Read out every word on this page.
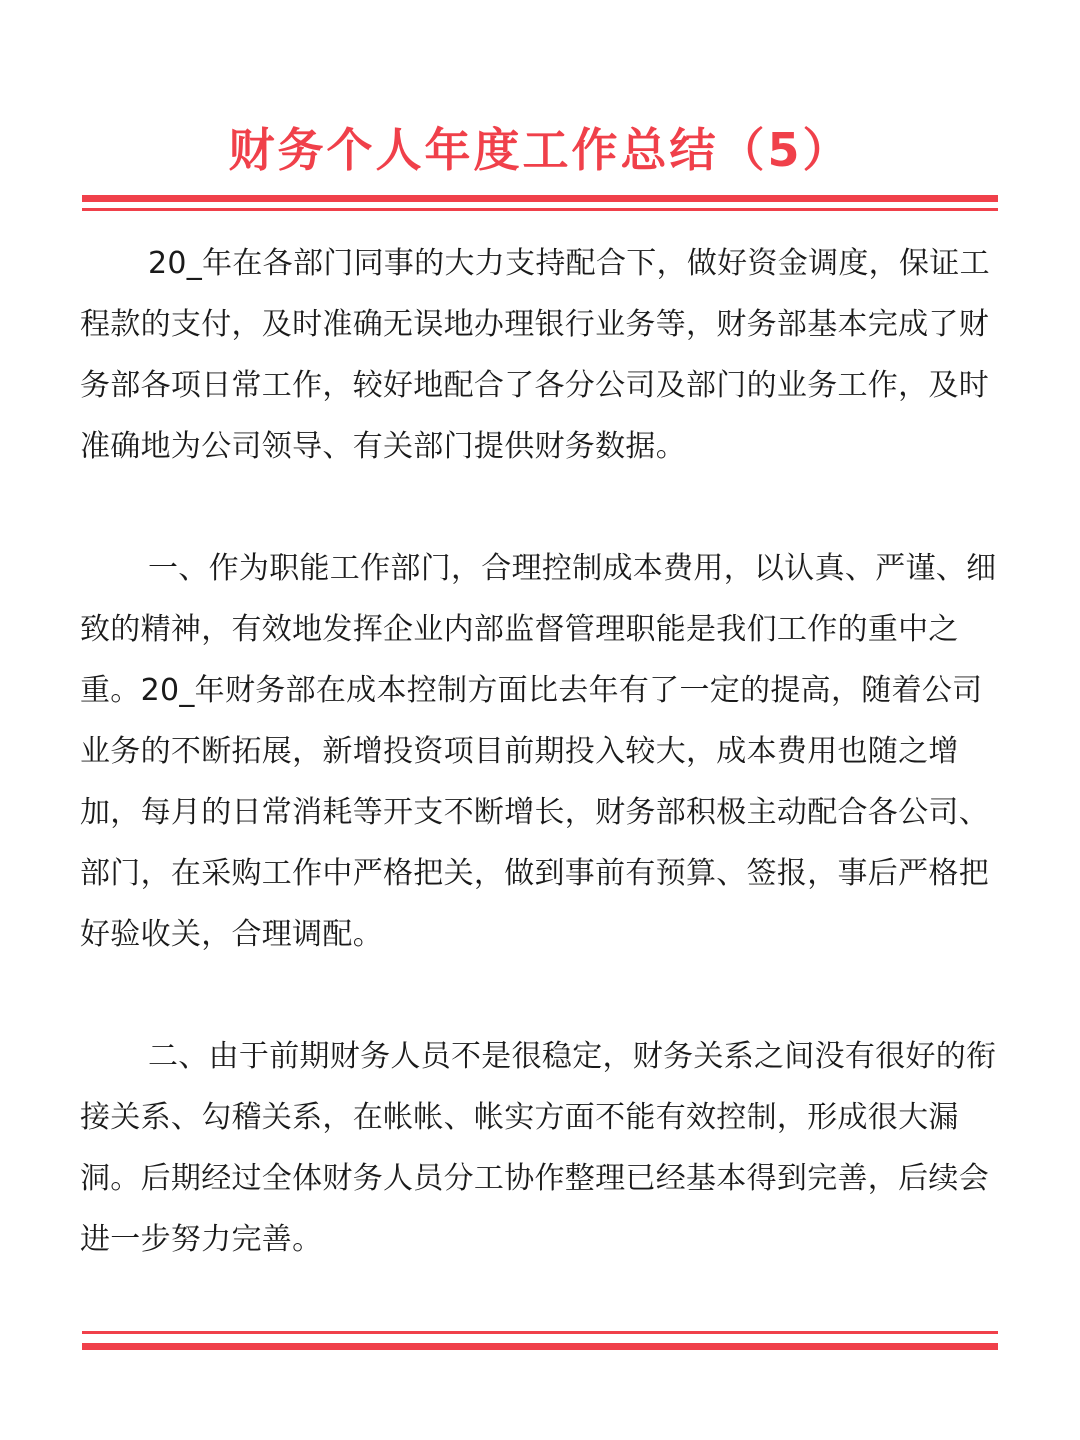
财务个人年度工作总结（5）

20_年在各部门同事的大力支持配合下，做好资金调度，保证工程款的支付，及时准确无误地办理银行业务等，财务部基本完成了财务部各项日常工作，较好地配合了各分公司及部门的业务工作，及时准确地为公司领导、有关部门提供财务数据。

一、作为职能工作部门，合理控制成本费用，以认真、严谨、细致的精神，有效地发挥企业内部监督管理职能是我们工作的重中之重。20_年财务部在成本控制方面比去年有了一定的提高，随着公司业务的不断拓展，新增投资项目前期投入较大，成本费用也随之增加，每月的日常消耗等开支不断增长，财务部积极主动配合各公司、部门，在采购工作中严格把关，做到事前有预算、签报，事后严格把好验收关，合理调配。

二、由于前期财务人员不是很稳定，财务关系之间没有很好的衔接关系、勾稽关系，在帐帐、帐实方面不能有效控制，形成很大漏洞。后期经过全体财务人员分工协作整理已经基本得到完善，后续会进一步努力完善。
